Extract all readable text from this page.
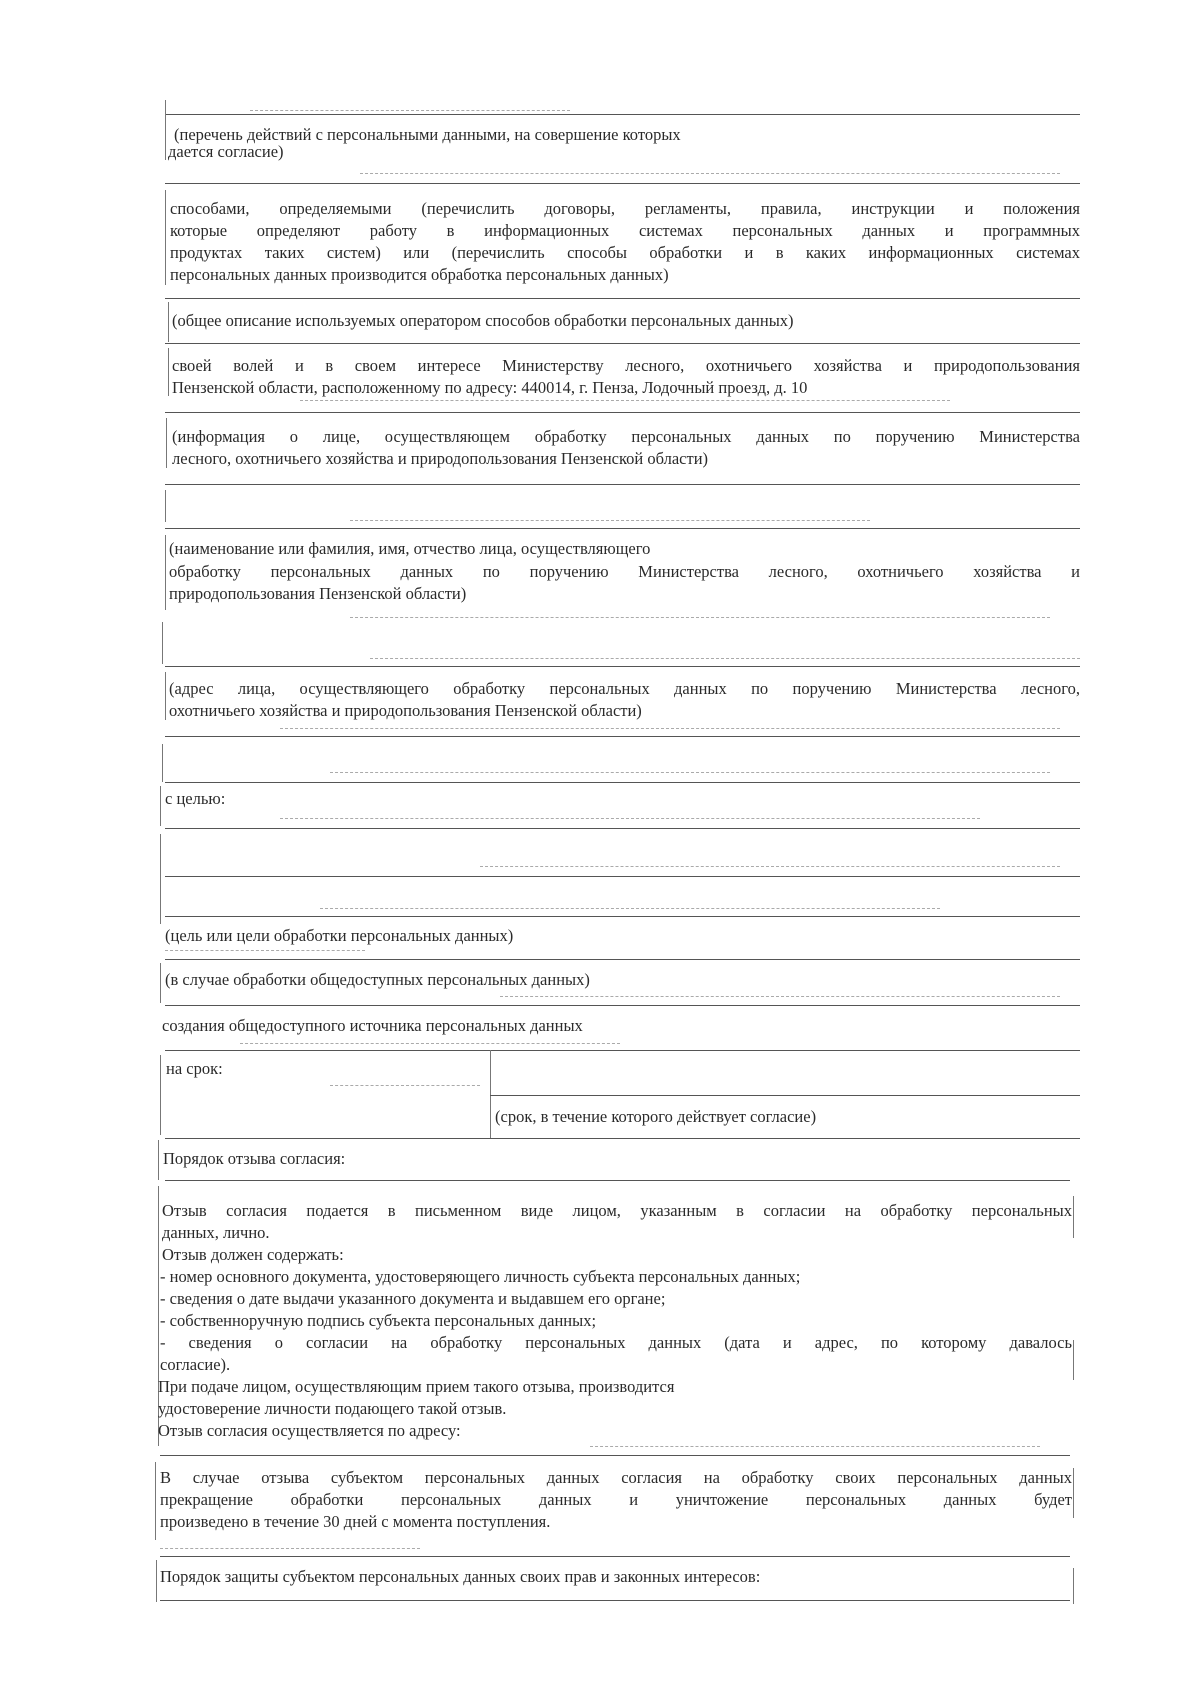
(перечень действий с персональными данными, на совершение которых
дается согласие)
способами, определяемыми (перечислить договоры, регламенты, правила, инструкции и положения
которые определяют работу в информационных системах персональных данных и программных
продуктах таких систем) или (перечислить способы обработки и в каких информационных системах
персональных данных производится обработка персональных данных)
(общее описание используемых оператором способов обработки персональных данных)
своей волей и в своем интересе Министерству лесного, охотничьего хозяйства и природопользования
Пензенской области, расположенному по адресу: 440014, г. Пенза, Лодочный проезд, д. 10
(информация о лице, осуществляющем обработку персональных данных по поручению Министерства
лесного, охотничьего хозяйства и природопользования Пензенской области)
(наименование или фамилия, имя, отчество лица, осуществляющего
обработку персональных данных по поручению Министерства лесного, охотничьего хозяйства и
природопользования Пензенской области)
(адрес лица, осуществляющего обработку персональных данных по поручению Министерства лесного,
охотничьего хозяйства и природопользования Пензенской области)
с целью:
(цель или цели обработки персональных данных)
(в случае обработки общедоступных персональных данных)
создания общедоступного источника персональных данных
на срок:
(срок, в течение которого действует согласие)
Порядок отзыва согласия:
Отзыв согласия подается в письменном виде лицом, указанным в согласии на обработку персональных
данных, лично.
Отзыв должен содержать:
- номер основного документа, удостоверяющего личность субъекта персональных данных;
- сведения о дате выдачи указанного документа и выдавшем его органе;
- собственноручную подпись субъекта персональных данных;
- сведения о согласии на обработку персональных данных (дата и адрес, по которому давалось
согласие).
При подаче лицом, осуществляющим прием такого отзыва, производится
удостоверение личности подающего такой отзыв.
Отзыв согласия осуществляется по адресу:
В случае отзыва субъектом персональных данных согласия на обработку своих персональных данных
прекращение обработки персональных данных и уничтожение персональных данных будет
произведено в течение 30 дней с момента поступления.
Порядок защиты субъектом персональных данных своих прав и законных интересов:
